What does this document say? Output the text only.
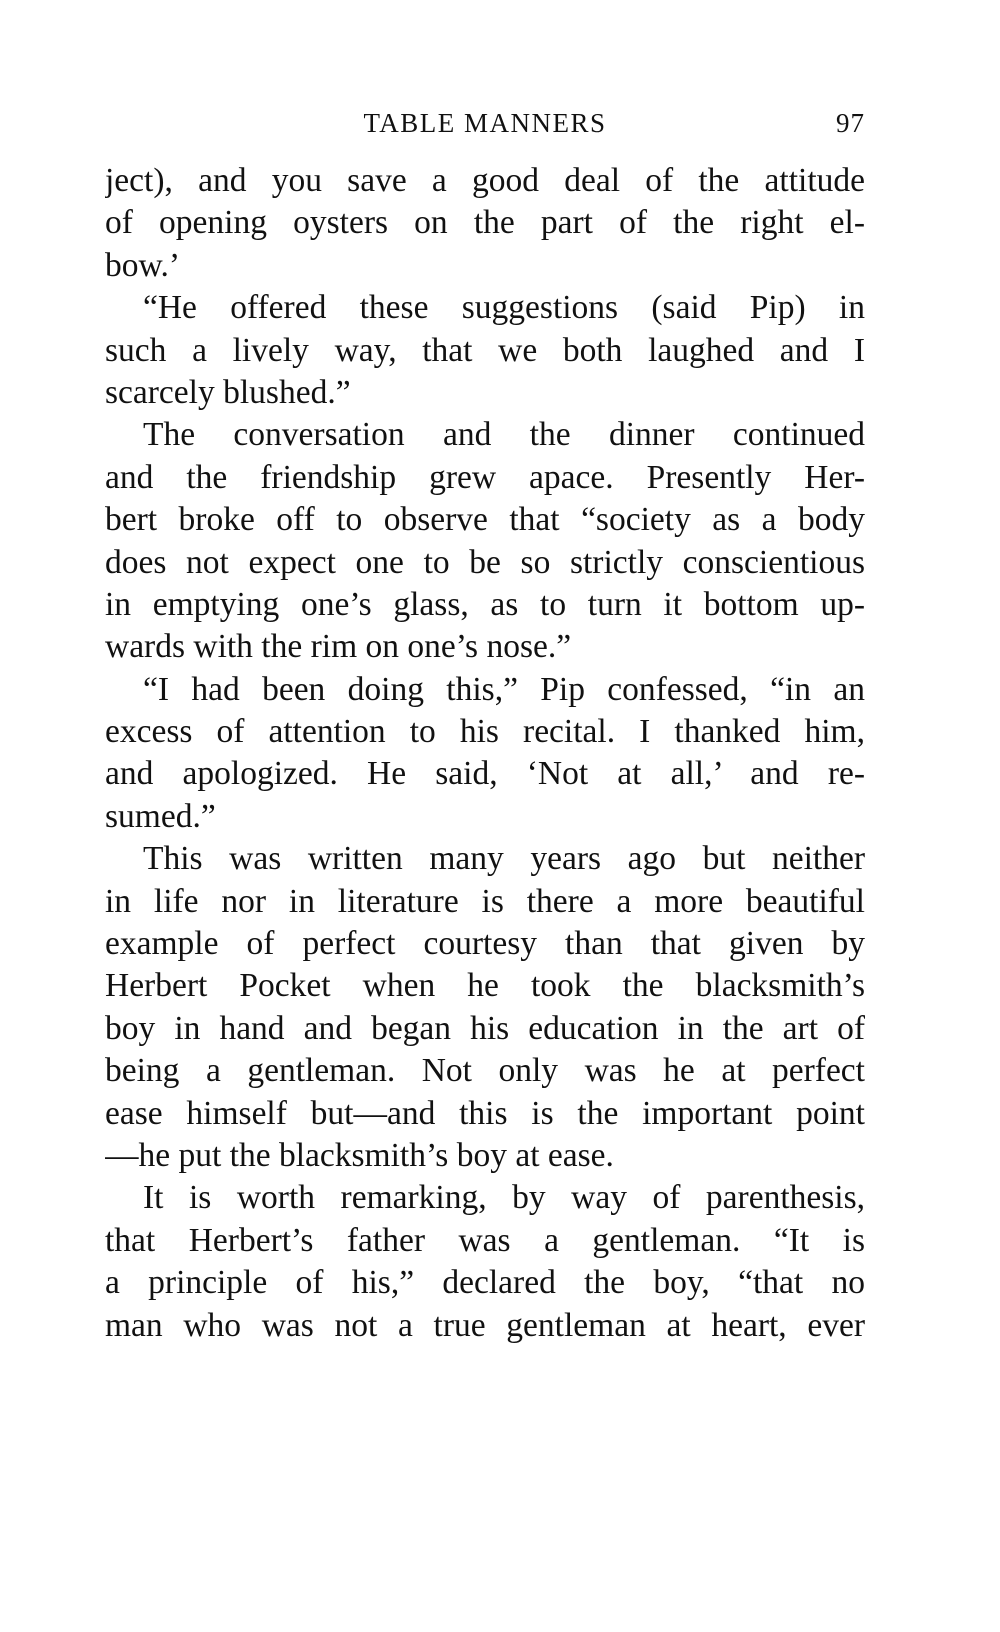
TABLE MANNERS	97
ject), and you save a good deal of the attitude
of opening oysters on the part of the right el-
bow.’
“He offered these suggestions (said Pip) in
such a lively way, that we both laughed and I
scarcely blushed.”
The conversation and the dinner continued
and the friendship grew apace. Presently Her-
bert broke off to observe that “society as a body
does not expect one to be so strictly conscientious
in emptying one’s glass, as to turn it bottom up-
wards with the rim on one’s nose.”
“I had been doing this,” Pip confessed, “in an
excess of attention to his recital. I thanked him,
and apologized. He said, ‘Not at all,’ and re-
sumed.”
This was written many years ago but neither
in life nor in literature is there a more beautiful
example of perfect courtesy than that given by
Herbert Pocket when he took the blacksmith’s
boy in hand and began his education in the art of
being a gentleman. Not only was he at perfect
ease himself but—and this is the important point
—he put the blacksmith’s boy at ease.
It is worth remarking, by way of parenthesis,
that Herbert’s father was a gentleman. “It is
a principle of his,” declared the boy, “that no
man who was not a true gentleman at heart, ever
